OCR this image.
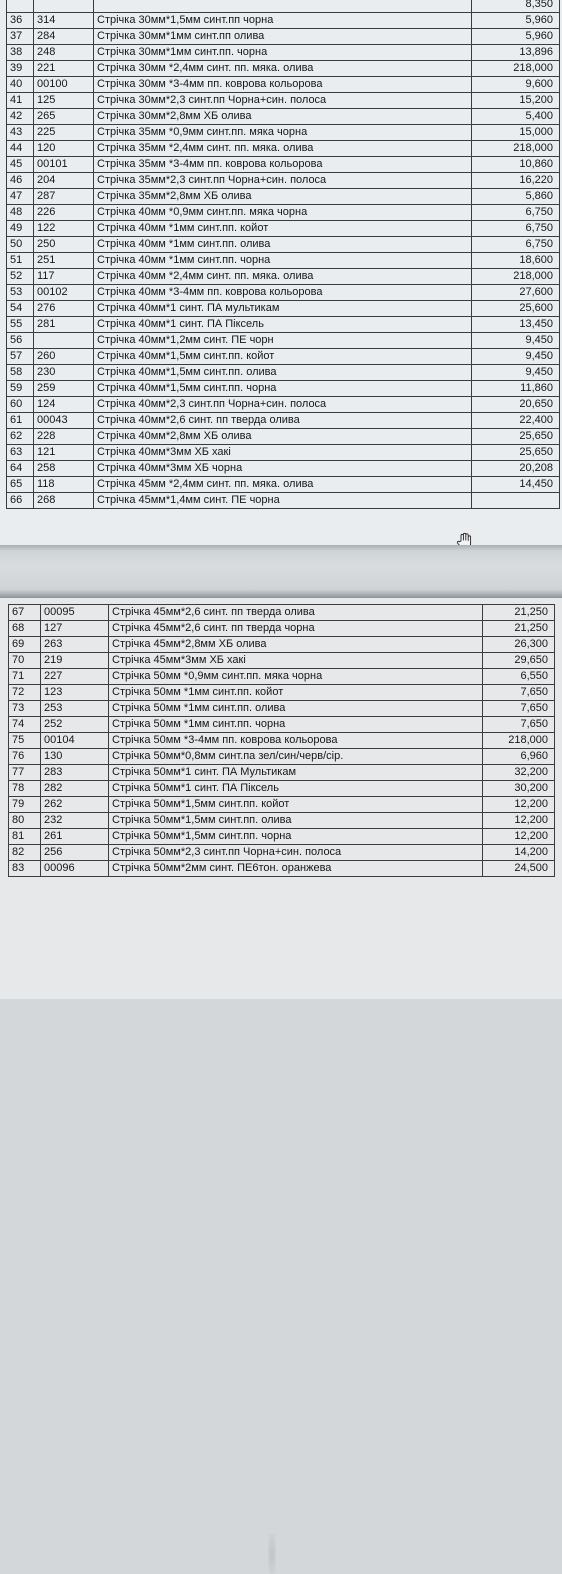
			8,350
36	314	Стрічка 30мм*1,5мм синт.пп чорна	5,960
37	284	Стрічка 30мм*1мм синт.пп олива	5,960
38	248	Стрічка 30мм*1мм синт.пп. чорна	13,896
39	221	Стрічка 30мм *2,4мм синт. пп. мяка. олива	218,000
40	00100	Стрічка 30мм *3-4мм пп. коврова кольорова	9,600
41	125	Стрічка 30мм*2,3 синт.пп Чорна+син. полоса	15,200
42	265	Стрічка 30мм*2,8мм ХБ олива	5,400
43	225	Стрічка 35мм *0,9мм синт.пп. мяка чорна	15,000
44	120	Стрічка 35мм *2,4мм синт. пп. мяка. олива	218,000
45	00101	Стрічка 35мм *3-4мм пп. коврова кольорова	10,860
46	204	Стрічка 35мм*2,3 синт.пп Чорна+син. полоса	16,220
47	287	Стрічка 35мм*2,8мм ХБ олива	5,860
48	226	Стрічка 40мм *0,9мм синт.пп. мяка чорна	6,750
49	122	Стрічка 40мм *1мм синт.пп. койот	6,750
50	250	Стрічка 40мм *1мм синт.пп. олива	6,750
51	251	Стрічка 40мм *1мм синт.пп. чорна	18,600
52	117	Стрічка 40мм *2,4мм синт. пп. мяка. олива	218,000
53	00102	Стрічка 40мм *3-4мм пп. коврова кольорова	27,600
54	276	Стрічка 40мм*1 синт. ПА мультикам	25,600
55	281	Стрічка 40мм*1 синт. ПА Піксель	13,450
56		Стрічка 40мм*1,2мм синт. ПЕ чорн	9,450
57	260	Стрічка 40мм*1,5мм синт.пп. койот	9,450
58	230	Стрічка 40мм*1,5мм синт.пп. олива	9,450
59	259	Стрічка 40мм*1,5мм синт.пп. чорна	11,860
60	124	Стрічка 40мм*2,3 синт.пп Чорна+син. полоса	20,650
61	00043	Стрічка 40мм*2,6 синт. пп тверда олива	22,400
62	228	Стрічка 40мм*2,8мм ХБ олива	25,650
63	121	Стрічка 40мм*3мм ХБ хакі	25,650
64	258	Стрічка 40мм*3мм ХБ чорна	20,208
65	118	Стрічка 45мм *2,4мм синт. пп. мяка. олива	14,450
66	268	Стрічка 45мм*1,4мм синт. ПЕ чорна	
67	00095	Стрічка 45мм*2,6 синт. пп тверда олива	21,250
68	127	Стрічка 45мм*2,6 синт. пп тверда чорна	21,250
69	263	Стрічка 45мм*2,8мм ХБ олива	26,300
70	219	Стрічка 45мм*3мм ХБ хакі	29,650
71	227	Стрічка 50мм *0,9мм синт.пп. мяка чорна	6,550
72	123	Стрічка 50мм *1мм синт.пп. койот	7,650
73	253	Стрічка 50мм *1мм синт.пп. олива	7,650
74	252	Стрічка 50мм *1мм синт.пп. чорна	7,650
75	00104	Стрічка 50мм *3-4мм пп. коврова кольорова	218,000
76	130	Стрічка 50мм*0,8мм синт.па зел/син/черв/сір.	6,960
77	283	Стрічка 50мм*1 синт. ПА Мультикам	32,200
78	282	Стрічка 50мм*1 синт. ПА Піксель	30,200
79	262	Стрічка 50мм*1,5мм синт.пп. койот	12,200
80	232	Стрічка 50мм*1,5мм синт.пп. олива	12,200
81	261	Стрічка 50мм*1,5мм синт.пп. чорна	12,200
82	256	Стрічка 50мм*2,3 синт.пп Чорна+син. полоса	14,200
83	00096	Стрічка 50мм*2мм синт. ПЕ6тон. оранжева	24,500
